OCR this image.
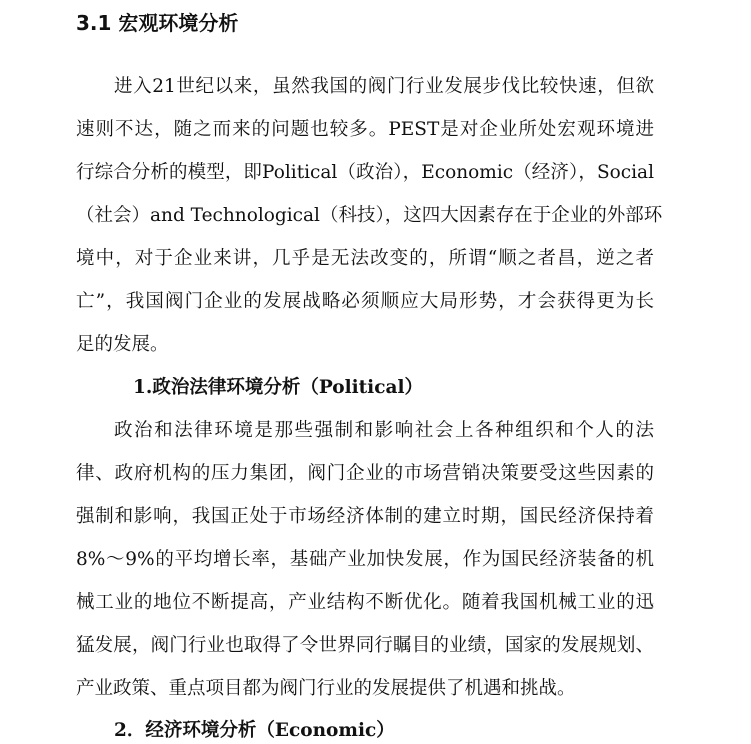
3.1 宏观环境分析

进入21世纪以来，虽然我国的阀门行业发展步伐比较快速，但欲

速则不达，随之而来的问题也较多。PEST是对企业所处宏观环境进

行综合分析的模型，即Political（政治），Economic（经济），Social

（社会）and Technological（科技），这四大因素存在于企业的外部环

境中，对于企业来讲，几乎是无法改变的，所谓“顺之者昌，逆之者

亡”，我国阀门企业的发展战略必须顺应大局形势，才会获得更为长

足的发展。

1.政治法律环境分析（Political）

政治和法律环境是那些强制和影响社会上各种组织和个人的法

律、政府机构的压力集团，阀门企业的市场营销决策要受这些因素的

强制和影响，我国正处于市场经济体制的建立时期，国民经济保持着

8%～9%的平均增长率，基础产业加快发展，作为国民经济装备的机

械工业的地位不断提高，产业结构不断优化。随着我国机械工业的迅

猛发展，阀门行业也取得了令世界同行瞩目的业绩，国家的发展规划、

产业政策、重点项目都为阀门行业的发展提供了机遇和挑战。

2．经济环境分析（Economic）
